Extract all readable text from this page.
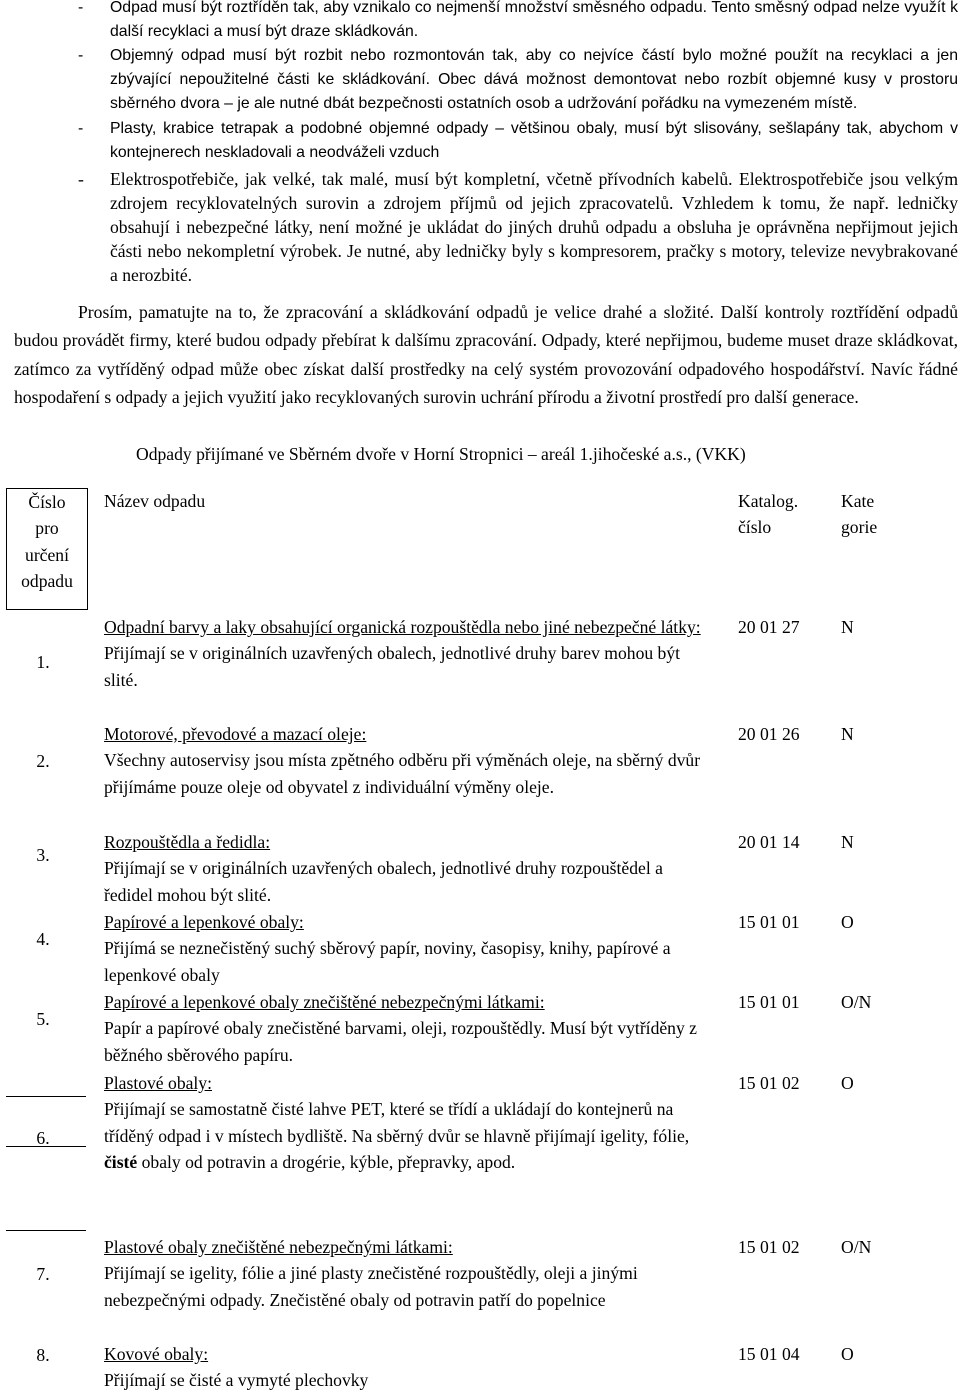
- Odpad musí být roztříděn tak, aby vznikalo co nejmenší množství směsného odpadu. Tento směsný odpad nelze využít k další recyklaci a musí být draze skládkován.
- Objemný odpad musí být rozbit nebo rozmontován tak, aby co nejvíce částí bylo možné použít na recyklaci a jen zbývající nepoužitelné části ke skládkování. Obec dává možnost demontovat nebo rozbít objemné kusy v prostoru sběrného dvora – je ale nutné dbát bezpečnosti ostatních osob a udržování pořádku na vymezeném místě.
- Plasty, krabice tetrapak a podobné objemné odpady – většinou obaly, musí být slisovány, sešlapány tak, abychom v kontejnerech neskladovali a neodváželi vzduch
- Elektrospotřebiče, jak velké, tak malé, musí být kompletní, včetně přívodních kabelů. Elektrospotřebiče jsou velkým zdrojem recyklovatelných surovin a zdrojem příjmů od jejich zpracovatelů. Vzhledem k tomu, že např. ledničky obsahují i nebezpečné látky, není možné je ukládat do jiných druhů odpadu a obsluha je oprávněna nepřijmout jejich části nebo nekompletní výrobek. Je nutné, aby ledničky byly s kompresorem, pračky s motory, televize nevybrakované a nerozbité.
Prosím, pamatujte na to, že zpracování a skládkování odpadů je velice drahé a složité. Další kontroly roztřídění odpadů budou provádět firmy, které budou odpady přebírat k dalšímu zpracování. Odpady, které nepřijmou, budeme muset draze skládkovat, zatímco za vytříděný odpad může obec získat další prostředky na celý systém provozování odpadového hospodářství. Navíc řádné hospodaření s odpady a jejich využití jako recyklovaných surovin uchrání přírodu a životní prostředí pro další generace.
Odpady přijímané ve Sběrném dvoře v Horní Stropnici – areál 1.jihočeské a.s., (VKK)
Číslo
pro
určení
odpadu
Název odpadu	Katalog.
číslo
Kate
gorie
1.
Odpadní barvy a laky obsahující organická rozpouštědla nebo jiné nebezpečné látky:
Přijímají se v originálních uzavřených obalech, jednotlivé druhy barev mohou být slité.
20 01 27 N
2.
Motorové, převodové a mazací oleje:
Všechny autoservisy jsou místa zpětného odběru při výměnách oleje, na sběrný dvůr přijímáme pouze oleje od obyvatel z individuální výměny oleje.
20 01 26 N
3.
Rozpouštědla a ředidla:
Přijímají se v originálních uzavřených obalech, jednotlivé druhy rozpouštědel a ředidel mohou být slité.
20 01 14 N
4.
Papírové a lepenkové obaly:
Přijímá se neznečistěný suchý sběrový papír, noviny, časopisy, knihy, papírové a lepenkové obaly
15 01 01 O
5.
Papírové a lepenkové obaly znečištěné nebezpečnými látkami:
Papír a papírové obaly znečistěné barvami, oleji, rozpouštědly. Musí být vytříděny z běžného sběrového papíru.
15 01 01 O/N
6.
Plastové obaly:
Přijímají se samostatně čisté lahve PET, které se třídí a ukládají do kontejnerů na tříděný odpad i v místech bydliště. Na sběrný dvůr se hlavně přijímají igelity, fólie, čisté obaly od potravin a drogérie, kýble, přepravky, apod.
15 01 02 O
7.
Plastové obaly znečištěné nebezpečnými látkami:
Přijímají se igelity, fólie a jiné plasty znečistěné rozpouštědly, oleji a jinými nebezpečnými odpady. Znečistěné obaly od potravin patří do popelnice
15 01 02 O/N
8.	Kovové obaly:
Přijímají se čisté a vymyté plechovky
15 01 04 O
